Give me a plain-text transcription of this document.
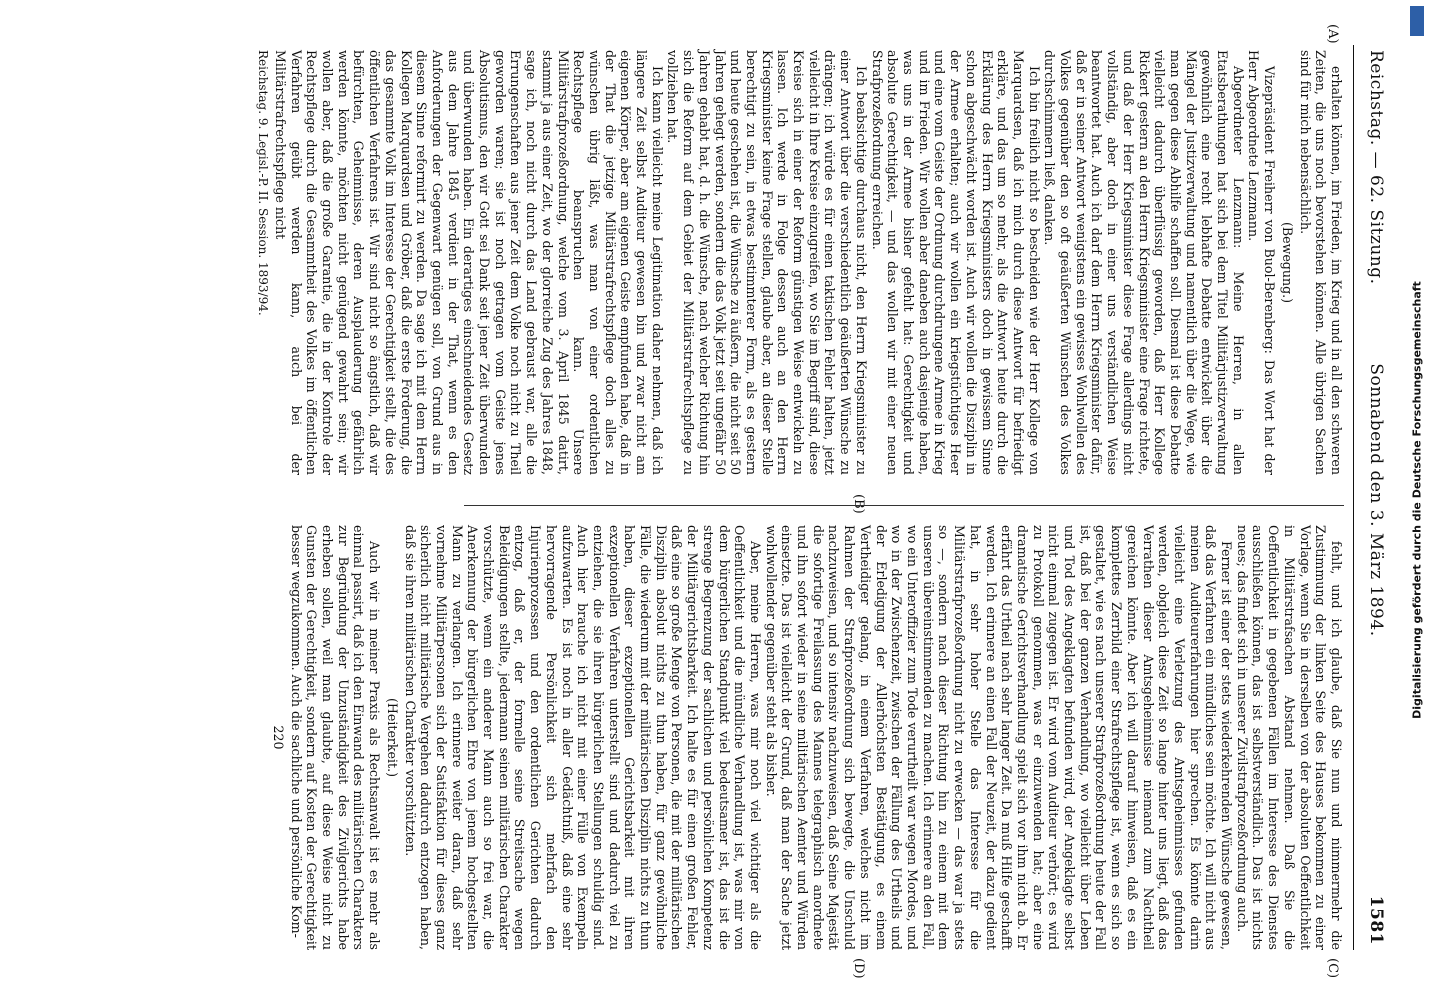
Reichstag. — 62. Sitzung.
Sonnabend den 3. März 1894.
1581
(A)
(B)
(C)
(D)

erhalten können, im Frieden, im Krieg und in all den schweren Zeiten, die uns noch bevorstehen können. Alle übrigen Sachen sind für mich nebensächlich.

(Bewegung.)

Vizepräsident Freiherr von Buol-Berenberg: Das Wort hat der Herr Abgeordnete Lenzmann.

Abgeordneter Lenzmann: Meine Herren, in allen Etatsberathungen hat sich bei dem Titel Militärjustizverwaltung gewöhnlich eine recht lebhafte Debatte entwickelt über die Mängel der Justizverwaltung und namentlich über die Wege, wie man gegen diese Abhilfe schaffen soll. Diesmal ist diese Debatte vielleicht dadurch überflüssig geworden, daß Herr Kollege Rickert gestern an den Herrn Kriegsminister eine Frage richtete, und daß der Herr Kriegsminister diese Frage allerdings nicht vollständig, aber doch in einer uns verständlichen Weise beantwortet hat. Auch ich darf dem Herrn Kriegsminister dafür, daß er in seiner Antwort wenigstens ein gewisses Wohlwollen des Volkes gegenüber den so oft geäußerten Wünschen des Volkes durchschimmern ließ, danken.

Ich bin freilich nicht so bescheiden wie der Herr Kollege von Marquardsen, daß ich mich durch diese Antwort für befriedigt erkläre, und das um so mehr, als die Antwort heute durch die Erklärung des Herrn Kriegsministers doch in gewissem Sinne schon abgeschwächt worden ist. Auch wir wollen die Disziplin in der Armee erhalten; auch wir wollen ein kriegstüchtiges Heer und eine vom Geiste der Ordnung durchdrungene Armee in Krieg und im Frieden. Wir wollen aber daneben auch dasjenige haben, was uns in der Armee bisher gefehlt hat: Gerechtigkeit und absolute Gerechtigkeit, — und das wollen wir mit einer neuen Strafprozeßordnung erreichen.

Ich beabsichtige durchaus nicht, den Herrn Kriegsminister zu einer Antwort über die verschiedentlich geäußerten Wünsche zu drängen; ich würde es für einen taktischen Fehler halten, jetzt vielleicht in Ihre Kreise einzugreifen, wo Sie im Begriff sind, diese Kreise sich in einer der Reform günstigen Weise entwickeln zu lassen. Ich werde in Folge dessen auch an den Herrn Kriegsminister keine Frage stellen, glaube aber, an dieser Stelle berechtigt zu sein, in etwas bestimmterer Form, als es gestern und heute geschehen ist, die Wünsche zu äußern, die nicht seit 50 Jahren gehegt werden, sondern die das Volk jetzt seit ungefähr 50 Jahren gehabt hat, d. h. die Wünsche, nach welcher Richtung hin sich die Reform auf dem Gebiet der Militärstrafrechtspflege zu vollziehen hat.

Ich kann vielleicht meine Legitimation daher nehmen, daß ich längere Zeit selbst Auditeur gewesen bin und zwar nicht am eigenen Körper, aber am eigenen Geiste empfunden habe, daß in der That die jetzige Militärstrafrechtspflege doch alles zu wünschen übrig läßt, was man von einer ordentlichen Rechtspflege beanspruchen kann. Unsere Militärstrafprozeßordnung, welche vom 3. April 1845 datirt, stammt ja aus einer Zeit, wo der glorreiche Zug des Jahres 1848, sage ich, noch nicht durch das Land gebraust war, alle die Errungenschaften aus jener Zeit dem Volke noch nicht zu Theil geworden waren; sie ist noch getragen vom Geiste jenes Absolutismus, den wir Gott sei Dank seit jener Zeit überwunden und überwunden haben. Ein derartiges einschneidendes Gesetz aus dem Jahre 1845 verdient in der That, wenn es den Anforderungen der Gegenwart genügen soll, von Grund aus in diesem Sinne reformirt zu werden. Da sage ich mit dem Herrn Kollegen Marquardsen und Gröber, daß die erste Forderung, die das gesammte Volk im Interesse der Gerechtigkeit stellt, die des öffentlichen Verfahrens ist. Wir sind nicht so ängstlich, daß wir befürchten, Geheimnisse, deren Ausplauderung gefährlich werden könnte, möchten nicht genügend gewahrt sein; wir wollen aber, daß die große Garantie, die in der Kontrole der Rechtspflege durch die Gesammtheit des Volkes im öffentlichen Verfahren geübt werden kann, auch bei der Militärstrafrechtspflege nicht

Reichstag. 9. Legisl.-P. II. Session. 1893/94.

fehlt, und ich glaube, daß Sie nun und nimmermehr die Zustimmung der linken Seite des Hauses bekommen zu einer Vorlage, wenn Sie in derselben von der absoluten Oeffentlichkeit in Militärstrafsachen Abstand nehmen. Daß Sie die Oeffentlichkeit in gegebenen Fällen im Interesse des Dienstes ausschließen können, das ist selbstverständlich. Das ist nichts neues; das findet sich in unserer Zivilstrafprozeßordnung auch.

Ferner ist einer der stets wiederkehrenden Wünsche gewesen, daß das Verfahren ein mündliches sein möchte. Ich will nicht aus meinen Auditeurerfahrungen hier sprechen. Es könnte darin vielleicht eine Verletzung des Amtsgeheimnisses gefunden werden, obgleich diese Zeit so lange hinter uns liegt, daß das Verrathen dieser Amtsgeheimnisse niemand zum Nachtheil gereichen könnte. Aber ich will darauf hinweisen, daß es ein komplettes Zerrbild einer Strafrechtspflege ist, wenn es sich so gestaltet, wie es nach unserer Strafprozeßordnung heute der Fall ist, daß bei der ganzen Verhandlung, wo vielleicht über Leben und Tod des Angeklagten befunden wird, der Angeklagte selbst nicht einmal zugegen ist. Er wird vom Auditeur verhört; es wird zu Protokoll genommen, was er einzuwenden hat; aber eine dramatische Gerichtsverhandlung spielt sich vor ihm nicht ab. Er erfährt das Urtheil nach sehr langer Zeit. Da muß Hilfe geschafft werden. Ich erinnere an einen Fall der Neuzeit, der dazu gedient hat, in sehr hoher Stelle das Interesse für die Militärstrafprozeßordnung nicht zu erwecken — das war ja stets so —, sondern nach dieser Richtung hin zu einem mit dem unseren übereinstimmenden zu machen. Ich erinnere an den Fall, wo ein Unteroffizier zum Tode verurtheilt war wegen Mordes, und wo in der Zwischenzeit, zwischen der Fällung des Urtheils und der Erledigung der Allerhöchsten Bestätigung, es einem Vertheidiger gelang, in einem Verfahren, welches nicht im Rahmen der Strafprozeßordnung sich bewegte, die Unschuld nachzuweisen, und so intensiv nachzuweisen, daß Seine Majestät die sofortige Freilassung des Mannes telegraphisch anordnete und ihn sofort wieder in seine militärischen Aemter und Würden einsetzte. Das ist vielleicht der Grund, daß man der Sache jetzt wohlwollender gegenüber steht als bisher.

Aber, meine Herren, was mir noch viel wichtiger als die Oeffentlichkeit und die mündliche Verhandlung ist, was mir von dem bürgerlichen Standpunkt viel bedeutsamer ist, das ist die strenge Begrenzung der sachlichen und persönlichen Kompetenz der Militärgerichtsbarkeit. Ich halte es für einen großen Fehler, daß eine so große Menge von Personen, die mit der militärischen Disziplin absolut nichts zu thun haben, für ganz gewöhnliche Fälle, die wiederum mit der militärischen Disziplin nichts zu thun haben, dieser exzeptionellen Gerichtsbarkeit mit ihren exzeptionellen Verfahren unterstellt sind und dadurch viel zu entziehen, die sie ihren bürgerlichen Stellungen schuldig sind. Auch hier brauche ich nicht mit einer Fülle von Exempeln aufzuwarten. Es ist noch in aller Gedächtniß, daß eine sehr hervorragende Persönlichkeit sich mehrfach den Injurienprozessen und den ordentlichen Gerichten dadurch entzog, daß er, der formelle seine Streitsache wegen Beleidigungen stellte, jedermann seinen militärischen Charakter vorschützte, wenn ein anderer Mann auch so frei war, die Anerkennung der bürgerlichen Ehre von jenem hochgestellten Mann zu verlangen. Ich erinnere weiter daran, daß sehr vornehme Militärpersonen sich der Satisfaktion für dieses ganz sicherlich nicht militärische Vergehen dadurch entzogen haben, daß sie ihren militärischen Charakter vorschützten.

(Heiterkeit.)

Auch wir in meiner Praxis als Rechtsanwalt ist es mehr als einmal passirt, daß ich den Einwand des militärischen Charakters zur Begründung der Unzuständigkeit des Zivilgerichts habe erheben sollen, weil man glaubte, auf diese Weise nicht zu Gunsten der Gerechtigkeit, sondern auf Kosten der Gerechtigkeit besser wegzukommen. Auch die sachliche und persönliche Kom-

220

Digitalisierung gefördert durch die Deutsche Forschungsgemeinschaft
